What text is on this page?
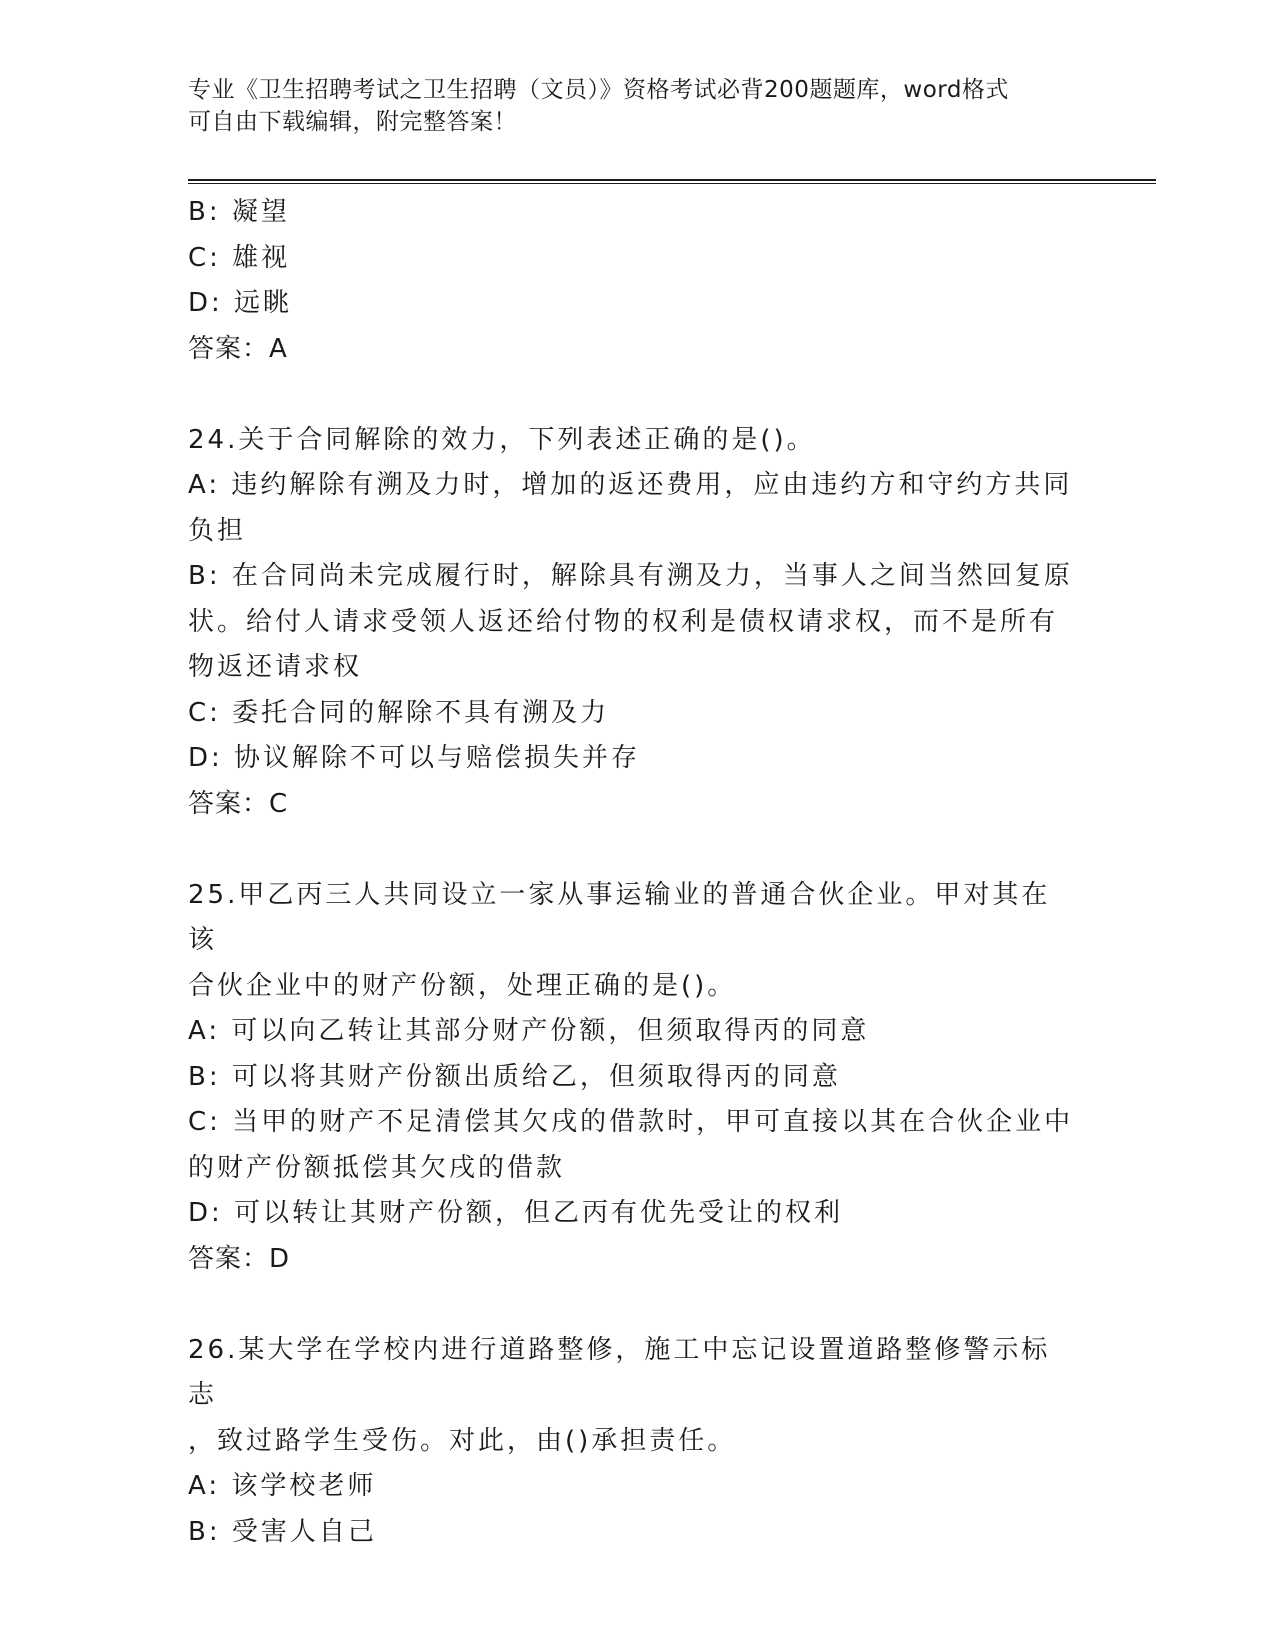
专业《卫生招聘考试之卫生招聘（文员）》资格考试必背200题题库，word格式
可自由下载编辑，附完整答案！
B: 凝望
C: 雄视
D: 远眺
答案：A
24.关于合同解除的效力，下列表述正确的是()。
A: 违约解除有溯及力时，增加的返还费用，应由违约方和守约方共同
负担
B: 在合同尚未完成履行时，解除具有溯及力，当事人之间当然回复原
状。给付人请求受领人返还给付物的权利是债权请求权，而不是所有
物返还请求权
C: 委托合同的解除不具有溯及力
D: 协议解除不可以与赔偿损失并存
答案：C
25.甲乙丙三人共同设立一家从事运输业的普通合伙企业。甲对其在该
合伙企业中的财产份额，处理正确的是()。
A: 可以向乙转让其部分财产份额，但须取得丙的同意
B: 可以将其财产份额出质给乙，但须取得丙的同意
C: 当甲的财产不足清偿其欠戌的借款时，甲可直接以其在合伙企业中
的财产份额抵偿其欠戌的借款
D: 可以转让其财产份额，但乙丙有优先受让的权利
答案：D
26.某大学在学校内进行道路整修，施工中忘记设置道路整修警示标志
，致过路学生受伤。对此，由()承担责任。
A: 该学校老师
B: 受害人自己
